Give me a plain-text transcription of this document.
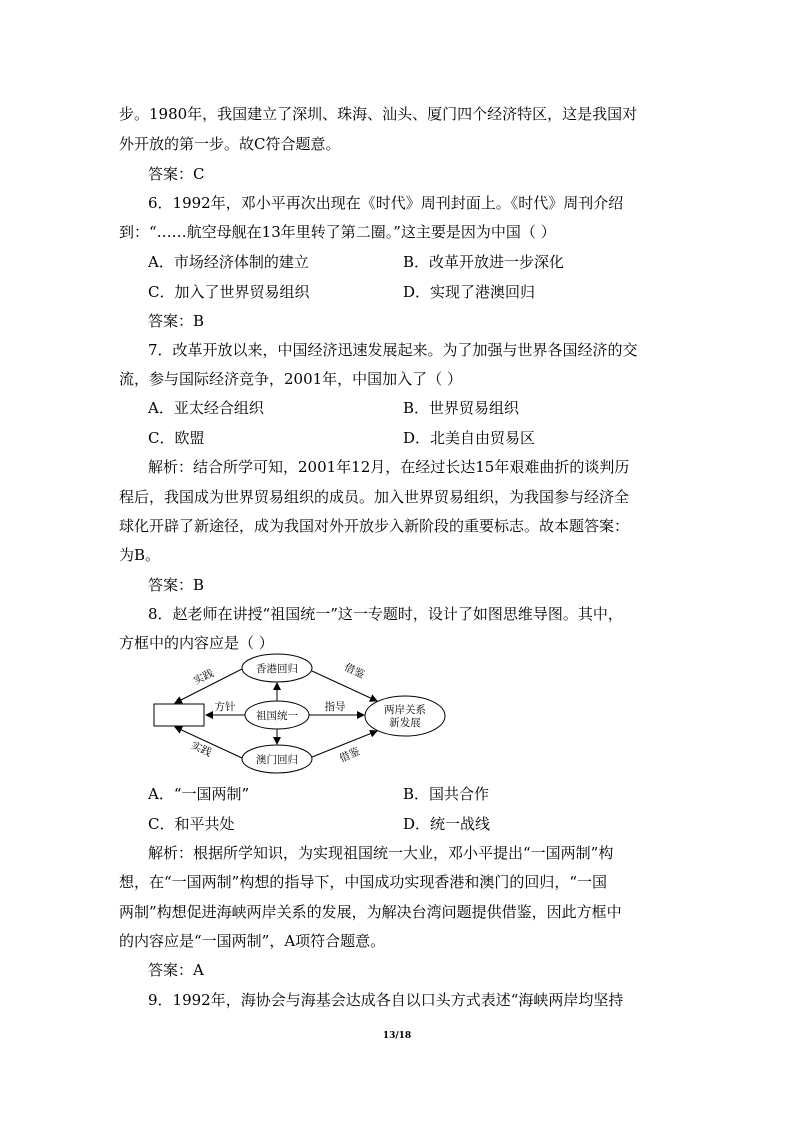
步。1980年，我国建立了深圳、珠海、汕头、厦门四个经济特区，这是我国对
外开放的第一步。故C符合题意。
答案：C
6．1992年，邓小平再次出现在《时代》周刊封面上。《时代》周刊介绍
到：“……航空母舰在13年里转了第二圈。”这主要是因为中国（ ）
A．市场经济体制的建立	B．改革开放进一步深化
C．加入了世界贸易组织	D．实现了港澳回归
答案：B
7．改革开放以来，中国经济迅速发展起来。为了加强与世界各国经济的交
流，参与国际经济竞争，2001年，中国加入了（ ）
A．亚太经合组织	B．世界贸易组织
C．欧盟	D．北美自由贸易区
解析：结合所学可知，2001年12月，在经过长达15年艰难曲折的谈判历
程后，我国成为世界贸易组织的成员。加入世界贸易组织，为我国参与经济全
球化开辟了新途径，成为我国对外开放步入新阶段的重要标志。故本题答案：
为B。
答案：B
8．赵老师在讲授“祖国统一”这一专题时，设计了如图思维导图。其中，
方框中的内容应是（ ）
香港回归
祖国统一
澳门回归
两岸关系
新发展
方针	指导
实践
实践
借鉴
借鉴
A．“一国两制”	B．国共合作
C．和平共处	D．统一战线
解析：根据所学知识，为实现祖国统一大业，邓小平提出“一国两制”构
想，在“一国两制”构想的指导下，中国成功实现香港和澳门的回归，“一国
两制”构想促进海峡两岸关系的发展，为解决台湾问题提供借鉴，因此方框中
的内容应是“一国两制”，A项符合题意。
答案：A
9．1992年，海协会与海基会达成各自以口头方式表述“海峡两岸均坚持
13/18
